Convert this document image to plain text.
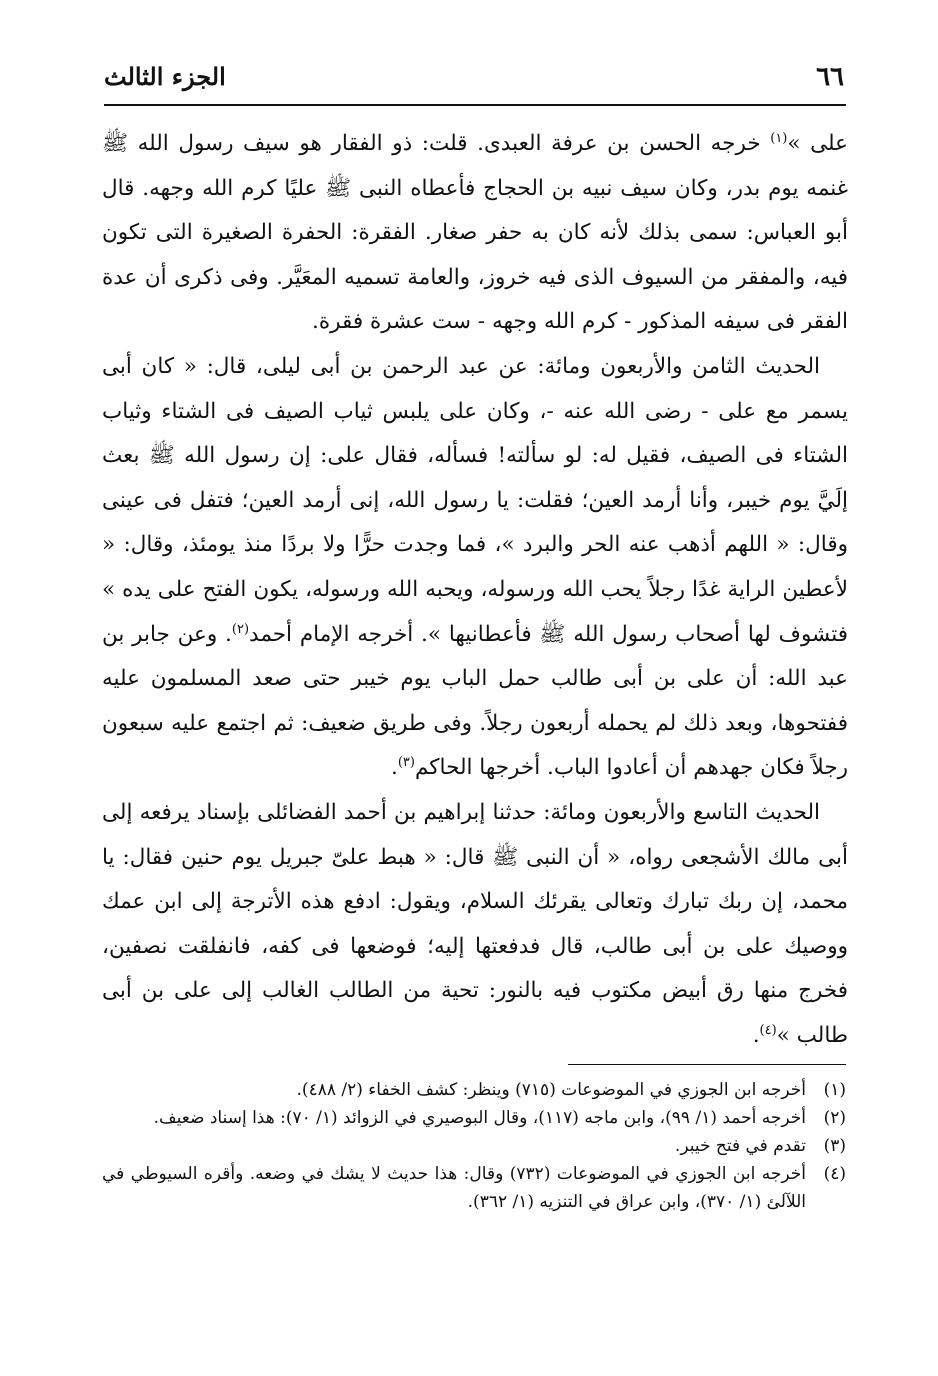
٦٦
الجزء الثالث

على »$^{(١)}$ خرجه الحسن بن عرفة العبدى. قلت: ذو الفقار هو سيف رسول الله ﷺ غنمه يوم بدر، وكان سيف نبيه بن الحجاج فأعطاه النبى ﷺ عليًا كرم الله وجهه. قال أبو العباس: سمى بذلك لأنه كان به حفر صغار. الفقرة: الحفرة الصغيرة التى تكون فيه، والمفقر من السيوف الذى فيه خروز، والعامة تسميه المعَيَّر. وفى ذكرى أن عدة الفقر فى سيفه المذكور - كرم الله وجهه - ست عشرة فقرة.

الحديث الثامن والأربعون ومائة: عن عبد الرحمن بن أبى ليلى، قال: « كان أبى يسمر مع على - رضى الله عنه -، وكان على يلبس ثياب الصيف فى الشتاء وثياب الشتاء فى الصيف، فقيل له: لو سألته! فسأله، فقال على: إن رسول الله ﷺ بعث إلَيَّ يوم خيبر، وأنا أرمد العين؛ فقلت: يا رسول الله، إنى أرمد العين؛ فتفل فى عينى وقال: « اللهم أذهب عنه الحر والبرد »، فما وجدت حرًّا ولا بردًا منذ يومئذ، وقال: « لأعطين الراية غدًا رجلاً يحب الله ورسوله، ويحبه الله ورسوله، يكون الفتح على يده » فتشوف لها أصحاب رسول الله ﷺ فأعطانيها ». أخرجه الإمام أحمد$^{(٢)}$. وعن جابر بن عبد الله: أن على بن أبى طالب حمل الباب يوم خيبر حتى صعد المسلمون عليه ففتحوها، وبعد ذلك لم يحمله أربعون رجلاً. وفى طريق ضعيف: ثم اجتمع عليه سبعون رجلاً فكان جهدهم أن أعادوا الباب. أخرجها الحاكم$^{(٣)}$.

الحديث التاسع والأربعون ومائة: حدثنا إبراهيم بن أحمد الفضائلى بإسناد يرفعه إلى أبى مالك الأشجعى رواه، « أن النبى ﷺ قال: « هبط علىّ جبريل يوم حنين فقال: يا محمد، إن ربك تبارك وتعالى يقرئك السلام، ويقول: ادفع هذه الأترجة إلى ابن عمك ووصيك على بن أبى طالب، قال فدفعتها إليه؛ فوضعها فى كفه، فانفلقت نصفين، فخرج منها رق أبيض مكتوب فيه بالنور: تحية من الطالب الغالب إلى على بن أبى طالب »$^{(٤)}$.

(١)
أخرجه ابن الجوزي في الموضوعات (٧١٥) وينظر: كشف الخفاء (٢/ ٤٨٨).
(٢)
أخرجه أحمد (١/ ٩٩)، وابن ماجه (١١٧)، وقال البوصيري في الزوائد (١/ ٧٠): هذا إسناد ضعيف.
(٣)
تقدم في فتح خيبر.
(٤)
أخرجه ابن الجوزي في الموضوعات (٧٣٢) وقال: هذا حديث لا يشك في وضعه. وأقره السيوطي في اللآلئ (١/ ٣٧٠)، وابن عراق في التنزيه (١/ ٣٦٢).
